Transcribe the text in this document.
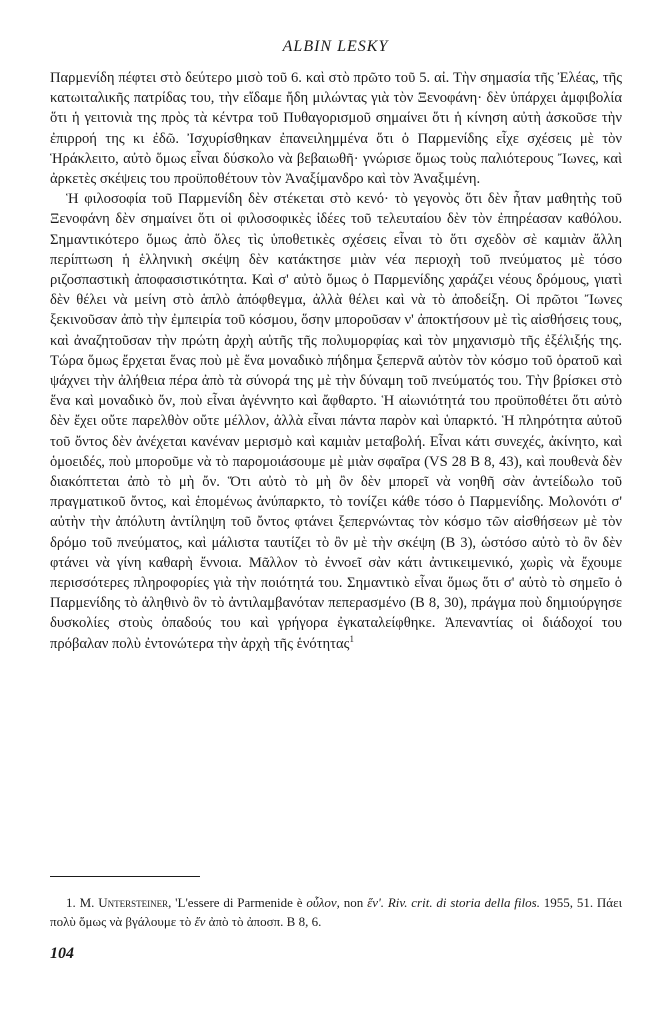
ALBIN LESKY

Παρμενίδη πέφτει στὸ δεύτερο μισὸ τοῦ 6. καὶ στὸ πρῶτο τοῦ 5. αἰ. Τὴν σημασία τῆς Ἐλέας, τῆς κατωιταλικῆς πατρίδας του, τὴν εἴδαμε ἤδη μιλώντας γιὰ τὸν Ξενοφάνη· δὲν ὑπάρχει ἀμφιβολία ὅτι ἡ γειτονιὰ της πρὸς τὰ κέντρα τοῦ Πυθαγορισμοῦ σημαίνει ὅτι ἡ κίνηση αὐτὴ ἀσκοῦσε τὴν ἐπιρροή της κι ἐδῶ. Ἰσχυρίσθηκαν ἐπανειλημμένα ὅτι ὁ Παρμενίδης εἶχε σχέσεις μὲ τὸν Ἡράκλειτο, αὐτὸ ὅμως εἶναι δύσκολο νὰ βεβαιωθῆ· γνώρισε ὅμως τοὺς παλιότερους Ἴωνες, καὶ ἀρκετὲς σκέψεις του προϋποθέτουν τὸν Ἀναξίμανδρο καὶ τὸν Ἀναξιμένη.

Ἡ φιλοσοφία τοῦ Παρμενίδη δὲν στέκεται στὸ κενό· τὸ γεγονὸς ὅτι δὲν ἦταν μαθητὴς τοῦ Ξενοφάνη δὲν σημαίνει ὅτι οἱ φιλοσοφικὲς ἰδέες τοῦ τελευταίου δὲν τὸν ἐπηρέασαν καθόλου. Σημαντικότερο ὅμως ἀπὸ ὅλες τὶς ὑποθετικὲς σχέσεις εἶναι τὸ ὅτι σχεδὸν σὲ καμιὰν ἄλλη περίπτωση ἡ ἑλληνικὴ σκέψη δὲν κατάκτησε μιὰν νέα περιοχὴ τοῦ πνεύματος μὲ τόσο ριζοσπαστικὴ ἀποφασιστικότητα. Καὶ σ' αὐτὸ ὅμως ὁ Παρμενίδης χαράζει νέους δρόμους, γιατὶ δὲν θέλει νὰ μείνη στὸ ἁπλὸ ἀπόφθεγμα, ἀλλὰ θέλει καὶ νὰ τὸ ἀποδείξη. Οἱ πρῶτοι Ἴωνες ξεκινοῦσαν ἀπὸ τὴν ἐμπειρία τοῦ κόσμου, ὅσην μποροῦσαν ν' ἀποκτήσουν μὲ τὶς αἰσθήσεις τους, καὶ ἀναζητοῦσαν τὴν πρώτη ἀρχὴ αὐτῆς τῆς πολυμορφίας καὶ τὸν μηχανισμὸ τῆς ἐξέλιξής της. Τώρα ὅμως ἔρχεται ἕνας ποὺ μὲ ἕνα μοναδικὸ πήδημα ξεπερνᾶ αὐτὸν τὸν κόσμο τοῦ ὁρατοῦ καὶ ψάχνει τὴν ἀλήθεια πέρα ἀπὸ τὰ σύνορά της μὲ τὴν δύναμη τοῦ πνεύματός του. Τὴν βρίσκει στὸ ἕνα καὶ μοναδικὸ ὄν, ποὺ εἶναι ἀγέννητο καὶ ἄφθαρτο. Ἡ αἰωνιότητά του προϋποθέτει ὅτι αὐτὸ δὲν ἔχει οὔτε παρελθὸν οὔτε μέλλον, ἀλλὰ εἶναι πάντα παρὸν καὶ ὑπαρκτό. Ἡ πληρότητα αὐτοῦ τοῦ ὄντος δὲν ἀνέχεται κανέναν μερισμὸ καὶ καμιὰν μεταβολή. Εἶναι κάτι συνεχές, ἀκίνητο, καὶ ὁμοειδές, ποὺ μποροῦμε νὰ τὸ παρομοιάσουμε μὲ μιὰν σφαῖρα (VS 28 B 8, 43), καὶ πουθενὰ δὲν διακόπτεται ἀπὸ τὸ μὴ ὄν. Ὅτι αὐτὸ τὸ μὴ ὂν δὲν μπορεῖ νὰ νοηθῆ σὰν ἀντείδωλο τοῦ πραγματικοῦ ὄντος, καὶ ἑπομένως ἀνύπαρκτο, τὸ τονίζει κάθε τόσο ὁ Παρμενίδης. Μολονότι σ' αὐτὴν τὴν ἀπόλυτη ἀντίληψη τοῦ ὄντος φτάνει ξεπερνώντας τὸν κόσμο τῶν αἰσθήσεων μὲ τὸν δρόμο τοῦ πνεύματος, καὶ μάλιστα ταυτίζει τὸ ὂν μὲ τὴν σκέψη (B 3), ὡστόσο αὐτὸ τὸ ὂν δὲν φτάνει νὰ γίνη καθαρὴ ἔννοια. Μᾶλλον τὸ ἐννοεῖ σὰν κάτι ἀντικειμενικό, χωρὶς νὰ ἔχουμε περισσότερες πληροφορίες γιὰ τὴν ποιότητά του. Σημαντικὸ εἶναι ὅμως ὅτι σ' αὐτὸ τὸ σημεῖο ὁ Παρμενίδης τὸ ἀληθινὸ ὂν τὸ ἀντιλαμβανόταν πεπερασμένο (B 8, 30), πράγμα ποὺ δημιούργησε δυσκολίες στοὺς ὀπαδούς του καὶ γρήγορα ἐγκαταλείφθηκε. Ἀπεναντίας οἱ διάδοχοί του πρόβαλαν πολὺ ἐντονώτερα τὴν ἀρχὴ τῆς ἑνότητας$^1$

1. M. Untersteiner, 'L'essere di Parmenide è οὖλον, non ἕν'. Riv. crit. di storia della filos. 1955, 51. Πάει πολὺ ὅμως νὰ βγάλουμε τὸ ἕν ἀπὸ τὸ ἀποσπ. B 8, 6.
104
